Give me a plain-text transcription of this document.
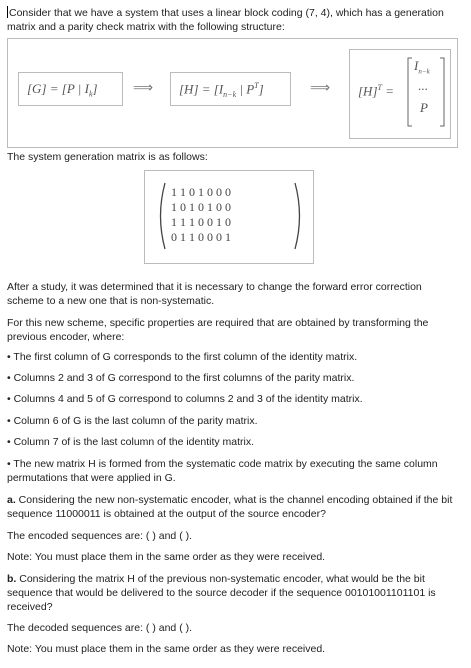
Consider that we have a system that uses a linear block coding (7, 4), which has a generation matrix and a parity check matrix with the following structure:
[G] = [P | $I_k$]	⟹ $[H] = [I_{n-k}$ | $P^T$]	⟹ $[H]^T$ =
$I_{n-k}$
...
P
The system generation matrix is as follows:
1 1 0 1 0 0 0
1 0 1 0 1 0 0
1 1 1 0 0 1 0
0 1 1 0 0 0 1
After a study, it was determined that it is necessary to change the forward error correction scheme to a new one that is non-systematic.
For this new scheme, specific properties are required that are obtained by transforming the previous encoder, where:
• The first column of G corresponds to the first column of the identity matrix.
• Columns 2 and 3 of G correspond to the first columns of the parity matrix.
• Columns 4 and 5 of G correspond to columns 2 and 3 of the identity matrix.
• Column 6 of G is the last column of the parity matrix.
• Column 7 of is the last column of the identity matrix.
• The new matrix H is formed from the systematic code matrix by executing the same column permutations that were applied in G.
a. Considering the new non-systematic encoder, what is the channel encoding obtained if the bit sequence 11000011 is obtained at the output of the source encoder?
The encoded sequences are: ( ) and ( ).
Note: You must place them in the same order as they were received.
b. Considering the matrix H of the previous non-systematic encoder, what would be the bit sequence that would be delivered to the source decoder if the sequence 00101001101101 is received?
The decoded sequences are: ( ) and ( ).
Note: You must place them in the same order as they were received.
